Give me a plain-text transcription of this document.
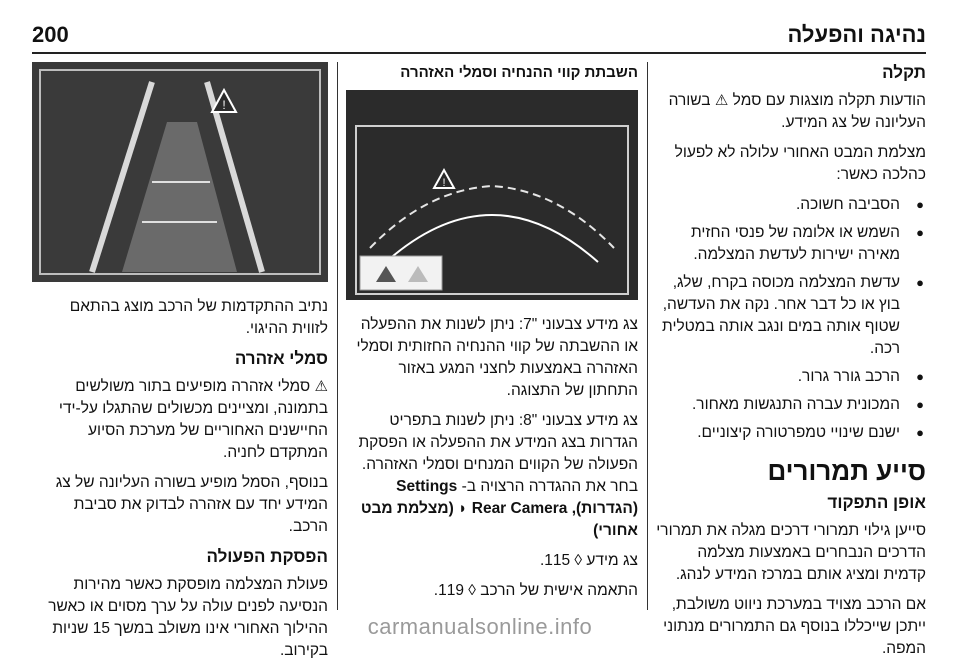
נהיגה והפעלה
200
תקלה
הודעות תקלה מוצגות עם סמל ⚠ בשורה העליונה של צג המידע.
מצלמת המבט האחורי עלולה לא לפעול כהלכה כאשר:
● הסביבה חשוכה.
● השמש או אלומה של פנסי החזית מאירה ישירות לעדשת המצלמה.
● עדשת המצלמה מכוסה בקרח, שלג, בוץ או כל דבר אחר. נקה את העדשה, שטוף אותה במים ונגב אותה במטלית רכה.
● הרכב גורר גרור.
● המכונית עברה התנגשות מאחור.
● ישנם שינויי טמפרטורה קיצוניים.
סייע תמרורים
אופן התפקוד
סייען גילוי תמרורי דרכים מגלה את תמרורי הדרכים הנבחרים באמצעות מצלמה קדמית ומציג אותם במרכז המידע לנהג.
אם הרכב מצויד במערכת ניווט משולבת, ייתכן שייכללו בנוסף גם התמרורים מנתוני המפה.
השבתת קווי ההנחיה וסמלי האזהרה
!
צג מידע צבעוני "7: ניתן לשנות את ההפעלה או ההשבתה של קווי ההנחיה החזותית וסמלי האזהרה באמצעות לחצני המגע באזור התחתון של התצוגה.
צג מידע צבעוני "8: ניתן לשנות בתפריט הגדרות בצג המידע את ההפעלה או הפסקת הפעולה של הקווים המנחים וסמלי האזהרה. בחר את ההגדרה הרצויה ב- Settings (הגדרות), Rear Camera ◗ (מצלמת מבט אחורי)
צג מידע ◊ 115.
התאמה אישית של הרכב ◊ 119.
!
נתיב ההתקדמות של הרכב מוצג בהתאם לזווית ההיגוי.
סמלי אזהרה
⚠ סמלי אזהרה מופיעים בתור משולשים בתמונה, ומציינים מכשולים שהתגלו על-ידי החיישנים האחוריים של מערכת הסיוע המתקדם לחניה.
בנוסף, הסמל מופיע בשורה העליונה של צג המידע יחד עם אזהרה לבדוק את סביבת הרכב.
הפסקת הפעולה
פעולת המצלמה מופסקת כאשר מהירות הנסיעה לפנים עולה על ערך מסוים או כאשר ההילוך האחורי אינו משולב במשך 15 שניות בקירוב.
carmanualsonline.info
